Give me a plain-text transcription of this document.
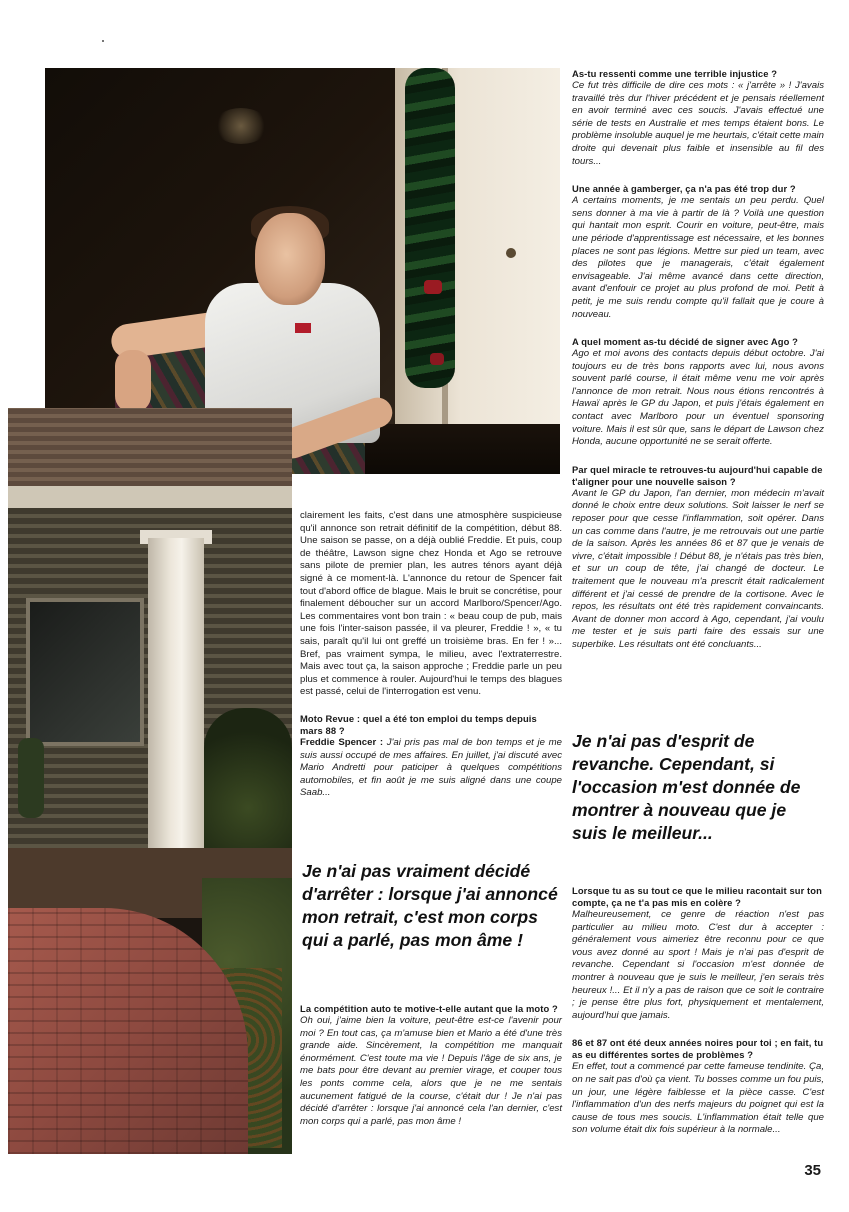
clairement les faits, c'est dans une atmosphère suspicieuse qu'il annonce son retrait définitif de la compétition, début 88. Une saison se passe, on a déjà oublié Freddie. Et puis, coup de théâtre, Lawson signe chez Honda et Ago se retrouve sans pilote de premier plan, les autres ténors ayant déjà signé à ce moment-là. L'annonce du retour de Spencer fait tout d'abord office de blague. Mais le bruit se concrétise, pour finalement déboucher sur un accord Marlboro/Spencer/Ago. Les commentaires vont bon train : « beau coup de pub, mais une fois l'inter-saison passée, il va pleurer, Freddie ! », « tu sais, paraît qu'il lui ont greffé un troisième bras. En fer ! »... Bref, pas vraiment sympa, le milieu, avec l'extraterrestre. Mais avec tout ça, la saison approche ; Freddie parle un peu plus et commence à rouler. Aujourd'hui le temps des blagues est passé, celui de l'interrogation est venu.

Moto Revue : quel a été ton emploi du temps depuis mars 88 ?

Freddie Spencer : J'ai pris pas mal de bon temps et je me suis aussi occupé de mes affaires. En juillet, j'ai discuté avec Mario Andretti pour paticiper à quelques compétitions automobiles, et fin août je me suis aligné dans une coupe Saab...

Je n'ai pas vraiment décidé d'arrêter : lorsque j'ai annoncé mon retrait, c'est mon corps qui a parlé, pas mon âme !

La compétition auto te motive-t-elle autant que la moto ?

Oh oui, j'aime bien la voiture, peut-être est-ce l'avenir pour moi ? En tout cas, ça m'amuse bien et Mario a été d'une très grande aide. Sincèrement, la compétition me manquait énormément. C'est toute ma vie ! Depuis l'âge de six ans, je me bats pour être devant au premier virage, et couper tous les ponts comme cela, alors que je ne me sentais aucunement fatigué de la course, c'était dur ! Je n'ai pas décidé d'arrêter : lorsque j'ai annoncé cela l'an dernier, c'est mon corps qui a parlé, pas mon âme !

As-tu ressenti comme une terrible injustice ?

Ce fut très difficile de dire ces mots : « j'arrête » ! J'avais travaillé très dur l'hiver précédent et je pensais réellement en avoir terminé avec ces soucis. J'avais effectué une série de tests en Australie et mes temps étaient bons. Le problème insoluble auquel je me heurtais, c'était cette main droite qui devenait plus faible et insensible au fil des tours...

Une année à gamberger, ça n'a pas été trop dur ?

A certains moments, je me sentais un peu perdu. Quel sens donner à ma vie à partir de là ? Voilà une question qui hantait mon esprit. Courir en voiture, peut-être, mais une période d'apprentissage est nécessaire, et les bonnes places ne sont pas légions. Mettre sur pied un team, avec des pilotes que je managerais, c'était également envisageable. J'ai même avancé dans cette direction, avant d'enfouir ce projet au plus profond de moi. Petit à petit, je me suis rendu compte qu'il fallait que je coure à nouveau.

A quel moment as-tu décidé de signer avec Ago ?

Ago et moi avons des contacts depuis début octobre. J'ai toujours eu de très bons rapports avec lui, nous avons souvent parlé course, il était même venu me voir après l'annonce de mon retrait. Nous nous étions rencontrés à Hawaï après le GP du Japon, et puis j'étais également en contact avec Marlboro pour un éventuel sponsoring voiture. Mais il est sûr que, sans le départ de Lawson chez Honda, aucune opportunité ne se serait offerte.

Par quel miracle te retrouves-tu aujourd'hui capable de t'aligner pour une nouvelle saison ?

Avant le GP du Japon, l'an dernier, mon médecin m'avait donné le choix entre deux solutions. Soit laisser le nerf se reposer pour que cesse l'inflammation, soit opérer. Dans un cas comme dans l'autre, je me retrouvais out une partie de la saison. Après les années 86 et 87 que je venais de vivre, c'était impossible ! Début 88, je n'étais pas très bien, et sur un coup de tête, j'ai changé de docteur. Le traitement que le nouveau m'a prescrit était radicalement différent et j'ai cessé de prendre de la cortisone. Avec le repos, les résultats ont été très rapidement convaincants. Avant de donner mon accord à Ago, cependant, j'ai voulu me tester et je suis parti faire des essais sur une superbike. Les résultats ont été concluants...

Je n'ai pas d'esprit de revanche. Cependant, si l'occasion m'est donnée de montrer à nouveau que je suis le meilleur...

Lorsque tu as su tout ce que le milieu racontait sur ton compte, ça ne t'a pas mis en colère ?

Malheureusement, ce genre de réaction n'est pas particulier au milieu moto. C'est dur à accepter : généralement vous aimeriez être reconnu pour ce que vous avez donné au sport ! Mais je n'ai pas d'esprit de revanche. Cependant si l'occasion m'est donnée de montrer à nouveau que je suis le meilleur, j'en serais très heureux !... Et il n'y a pas de raison que ce soit le contraire ; je pense être plus fort, physiquement et mentalement, aujourd'hui que jamais.

86 et 87 ont été deux années noires pour toi ; en fait, tu as eu différentes sortes de problèmes ?

En effet, tout a commencé par cette fameuse tendinite. Ça, on ne sait pas d'où ça vient. Tu bosses comme un fou puis, un jour, une légère faiblesse et la pièce casse. C'est l'inflammation d'un des nerfs majeurs du poignet qui est la cause de tous mes soucis. L'inflammation était telle que son volume était dix fois supérieur à la normale...

35
